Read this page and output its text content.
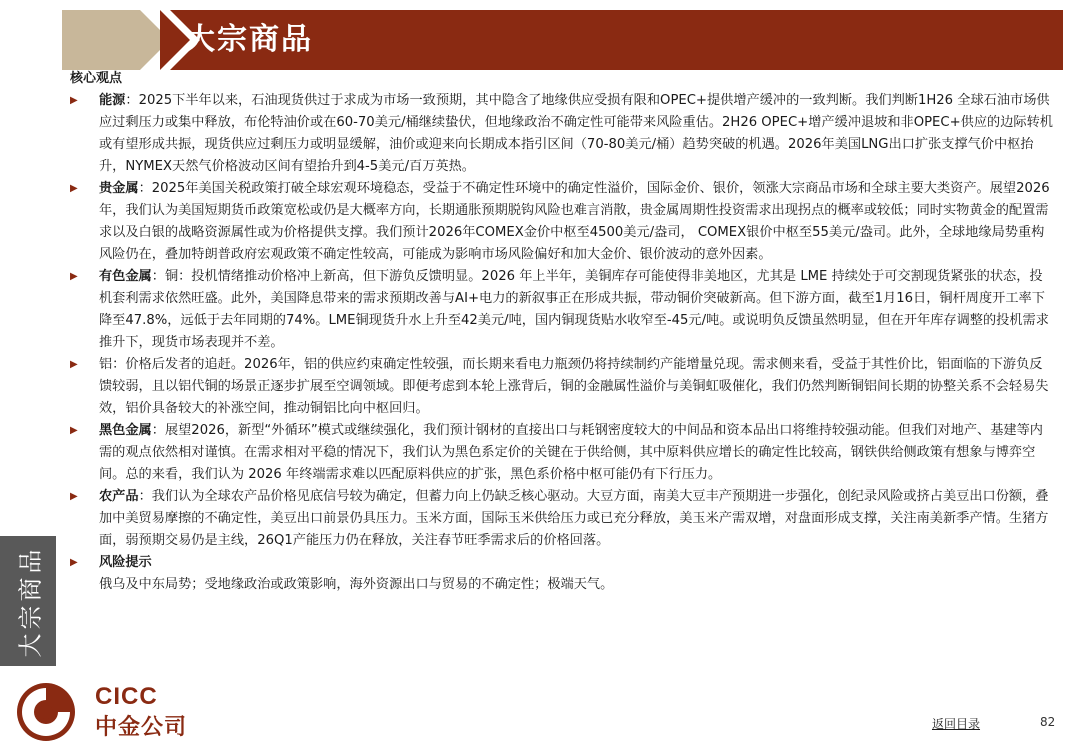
大宗商品
核心观点
▶	能源：2025下半年以来，石油现货供过于求成为市场一致预期，其中隐含了地缘供应受损有限和OPEC+提供增产缓冲的一致判断。我们判断1H26 全球石油市场供应过剩压力或集中释放，布伦特油价或在60-70美元/桶继续蛰伏，但地缘政治不确定性可能带来风险重估。2H26 OPEC+增产缓冲退坡和非OPEC+供应的边际转机或有望形成共振，现货供应过剩压力或明显缓解，油价或迎来向长期成本指引区间（70-80美元/桶）趋势突破的机遇。2026年美国LNG出口扩张支撑气价中枢抬升，NYMEX天然气价格波动区间有望抬升到4-5美元/百万英热。
▶	贵金属：2025年美国关税政策打破全球宏观环境稳态，受益于不确定性环境中的确定性溢价，国际金价、银价，领涨大宗商品市场和全球主要大类资产。展望2026年，我们认为美国短期货币政策宽松或仍是大概率方向，长期通胀预期脱钩风险也难言消散，贵金属周期性投资需求出现拐点的概率或较低；同时实物黄金的配置需求以及白银的战略资源属性或为价格提供支撑。我们预计2026年COMEX金价中枢至4500美元/盎司， COMEX银价中枢至55美元/盎司。此外，全球地缘局势重构风险仍在，叠加特朗普政府宏观政策不确定性较高，可能成为影响市场风险偏好和加大金价、银价波动的意外因素。
▶	有色金属：铜：投机情绪推动价格冲上新高，但下游负反馈明显。2026 年上半年，美铜库存可能使得非美地区，尤其是 LME 持续处于可交割现货紧张的状态，投机套利需求依然旺盛。此外，美国降息带来的需求预期改善与AI+电力的新叙事正在形成共振，带动铜价突破新高。但下游方面，截至1月16日，铜杆周度开工率下降至47.8%，远低于去年同期的74%。LME铜现货升水上升至42美元/吨，国内铜现货贴水收窄至-45元/吨。或说明负反馈虽然明显，但在开年库存调整的投机需求推升下，现货市场表现并不差。
▶	铝：价格后发者的追赶。2026年，铝的供应约束确定性较强，而长期来看电力瓶颈仍将持续制约产能增量兑现。需求侧来看，受益于其性价比，铝面临的下游负反馈较弱，且以铝代铜的场景正逐步扩展至空调领域。即便考虑到本轮上涨背后，铜的金融属性溢价与美铜虹吸催化，我们仍然判断铜铝间长期的协整关系不会轻易失效，铝价具备较大的补涨空间，推动铜铝比向中枢回归。
▶	黑色金属：展望2026，新型“外循环”模式或继续强化，我们预计钢材的直接出口与耗钢密度较大的中间品和资本品出口将维持较强动能。但我们对地产、基建等内需的观点依然相对谨慎。在需求相对平稳的情况下，我们认为黑色系定价的关键在于供给侧，其中原料供应增长的确定性比较高，钢铁供给侧政策有想象与博弈空间。总的来看，我们认为 2026 年终端需求难以匹配原料供应的扩张，黑色系价格中枢可能仍有下行压力。
▶	农产品：我们认为全球农产品价格见底信号较为确定，但蓄力向上仍缺乏核心驱动。大豆方面，南美大豆丰产预期进一步强化，创纪录风险或挤占美豆出口份额，叠加中美贸易摩擦的不确定性，美豆出口前景仍具压力。玉米方面，国际玉米供给压力或已充分释放，美玉米产需双增，对盘面形成支撑，关注南美新季产情。生猪方面，弱预期交易仍是主线，26Q1产能压力仍在释放，关注春节旺季需求后的价格回落。
▶	风险提示
俄乌及中东局势；受地缘政治或政策影响，海外资源出口与贸易的不确定性；极端天气。
大宗商品
CICC
中金公司	返回目录	82
